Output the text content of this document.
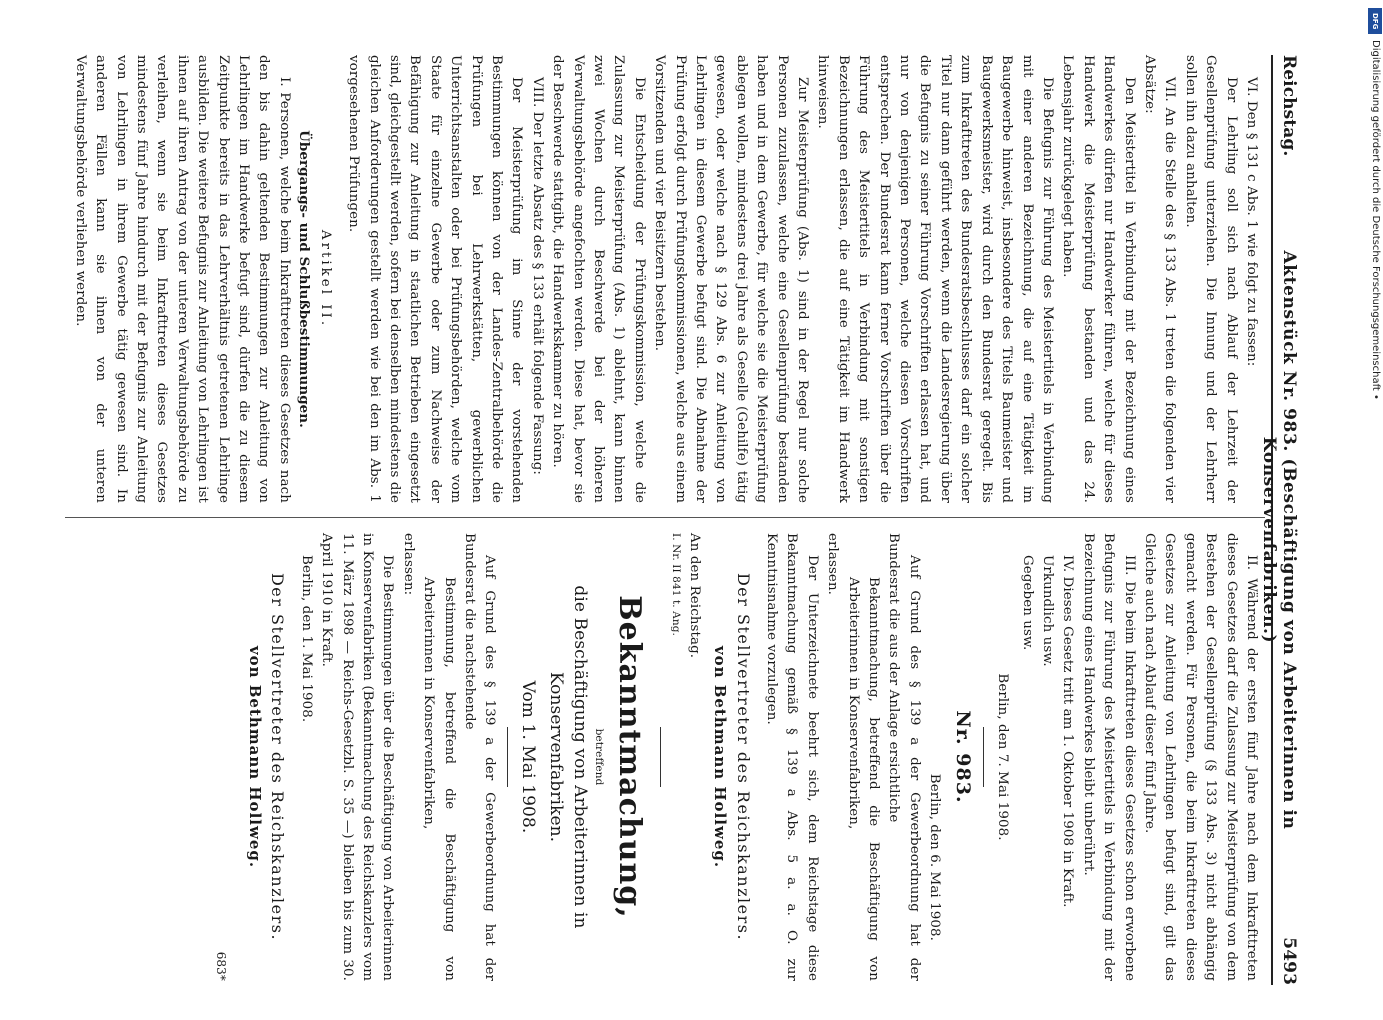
Reichstag.
Aktenstück Nr. 983. (Beschäftigung von Arbeiterinnen in Konservenfabriken.)
5493

VI. Den § 131 c Abs. 1 wie folgt zu fassen:

Der Lehrling soll sich nach Ablauf der Lehrzeit der Gesellenprüfung unterziehen. Die Innung und der Lehrherr sollen ihn dazu anhalten.

VII. An die Stelle des § 133 Abs. 1 treten die folgenden vier Absätze:

Den Meistertitel in Verbindung mit der Bezeichnung eines Handwerkes dürfen nur Handwerker führen, welche für dieses Handwerk die Meisterprüfung bestanden und das 24. Lebensjahr zurückgelegt haben.

Die Befugnis zur Führung des Meistertitels in Verbindung mit einer anderen Bezeichnung, die auf eine Tätigkeit im Baugewerbe hinweist, insbesondere des Titels Baumeister und Baugewerksmeister, wird durch den Bundesrat geregelt. Bis zum Inkrafttreten des Bundesratsbeschlusses darf ein solcher Titel nur dann geführt werden, wenn die Landesregierung über die Befugnis zu seiner Führung Vorschriften erlassen hat, und nur von denjenigen Personen, welche diesen Vorschriften entsprechen. Der Bundesrat kann ferner Vorschriften über die Führung des Meistertitels in Verbindung mit sonstigen Bezeichnungen erlassen, die auf eine Tätigkeit im Handwerk hinweisen.

Zur Meisterprüfung (Abs. 1) sind in der Regel nur solche Personen zuzulassen, welche eine Gesellenprüfung bestanden haben und in dem Gewerbe, für welche sie die Meisterprüfung ablegen wollen, mindestens drei Jahre als Geselle (Gehilfe) tätig gewesen, oder welche nach § 129 Abs. 6 zur Anleitung von Lehrlingen in diesem Gewerbe befugt sind. Die Abnahme der Prüfung erfolgt durch Prüfungskommissionen, welche aus einem Vorsitzenden und vier Beisitzern bestehen.

Die Entscheidung der Prüfungskommission, welche die Zulassung zur Meisterprüfung (Abs. 1) ablehnt, kann binnen zwei Wochen durch Beschwerde bei der höheren Verwaltungsbehörde angefochten werden. Diese hat, bevor sie der Beschwerde stattgibt, die Handwerkskammer zu hören.

VIII. Der letzte Absatz des § 133 erhält folgende Fassung:

Der Meisterprüfung im Sinne der vorstehenden Bestimmungen können von der Landes-Zentralbehörde die Prüfungen bei Lehrwerkstätten, gewerblichen Unterrichtsanstalten oder bei Prüfungsbehörden, welche vom Staate für einzelne Gewerbe oder zum Nachweise der Befähigung zur Anleitung in staatlichen Betrieben eingesetzt sind, gleichgestellt werden, sofern bei denselben mindestens die gleichen Anforderungen gestellt werden wie bei den im Abs. 1 vorgesehenen Prüfungen.

Artikel II.

Übergangs- und Schlußbestimmungen.

I. Personen, welche beim Inkrafttreten dieses Gesetzes nach den bis dahin geltenden Bestimmungen zur Anleitung von Lehrlingen im Handwerke befugt sind, dürfen die zu diesem Zeitpunkte bereits in das Lehrverhältnis getretenen Lehrlinge ausbilden. Die weitere Befugnis zur Anleitung von Lehrlingen ist ihnen auf ihren Antrag von der unteren Verwaltungsbehörde zu verleihen, wenn sie beim Inkrafttreten dieses Gesetzes mindestens fünf Jahre hindurch mit der Befugnis zur Anleitung von Lehrlingen in ihrem Gewerbe tätig gewesen sind. In anderen Fällen kann sie ihnen von der unteren Verwaltungsbehörde verliehen werden.

II. Während der ersten fünf Jahre nach dem Inkrafttreten dieses Gesetzes darf die Zulassung zur Meisterprüfung von dem Bestehen der Gesellenprüfung (§ 133 Abs. 3) nicht abhängig gemacht werden. Für Personen, die beim Inkrafttreten dieses Gesetzes zur Anleitung von Lehrlingen befugt sind, gilt das Gleiche auch nach Ablauf dieser fünf Jahre.

III. Die beim Inkrafttreten dieses Gesetzes schon erworbene Befugnis zur Führung des Meistertitels in Verbindung mit der Bezeichnung eines Handwerkes bleibt unberührt.

IV. Dieses Gesetz tritt am 1. Oktober 1908 in Kraft.

Urkundlich usw.

Gegeben usw.

Berlin, den 7. Mai 1908.

Nr. 983.

Berlin, den 6. Mai 1908.

Auf Grund des § 139 a der Gewerbeordnung hat der Bundesrat die aus der Anlage ersichtliche

Bekanntmachung, betreffend die Beschäftigung von Arbeiterinnen in Konservenfabriken,

erlassen.

Der Unterzeichnete beehrt sich, dem Reichstage diese Bekanntmachung gemäß § 139 a Abs. 5 a. a. O. zur Kenntnisnahme vorzulegen.

Der Stellvertreter des Reichskanzlers.

von Bethmann Hollweg.

An den Reichstag.

I. Nr. II 841 t. Ang.

Bekanntmachung,

betreffend

die Beschäftigung von Arbeiterinnen in Konservenfabriken.

Vom 1. Mai 1908.

Auf Grund des § 139 a der Gewerbeordnung hat der Bundesrat die nachstehende

Bestimmung, betreffend die Beschäftigung von Arbeiterinnen in Konservenfabriken,

erlassen:

Die Bestimmungen über die Beschäftigung von Arbeiterinnen in Konservenfabriken (Bekanntmachung des Reichskanzlers vom 11. März 1898 — Reichs-Gesetzbl. S. 35 —) bleiben bis zum 30. April 1910 in Kraft.

Berlin, den 1. Mai 1908.

Der Stellvertreter des Reichskanzlers.

von Bethmann Hollweg.

683*

DFG
Digitalisierung gefördert durch die Deutsche Forschungsgemeinschaft •
